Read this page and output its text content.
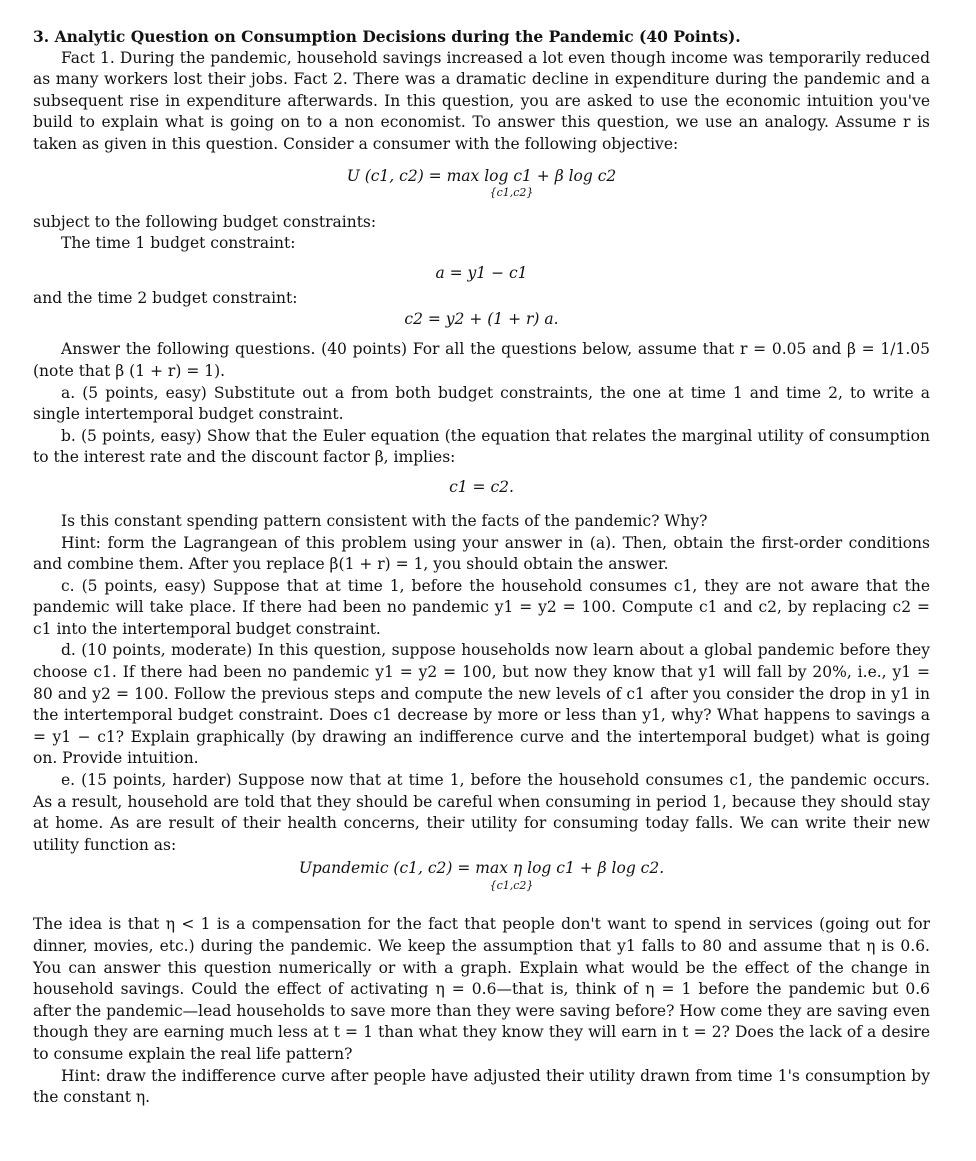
3. Analytic Question on Consumption Decisions during the Pandemic (40 Points).

Fact 1. During the pandemic, household savings increased a lot even though income was temporarily reduced as many workers lost their jobs. Fact 2. There was a dramatic decline in expenditure during the pandemic and a subsequent rise in expenditure afterwards. In this question, you are asked to use the economic intuition you've build to explain what is going on to a non economist. To answer this question, we use an analogy. Assume r is taken as given in this question. Consider a consumer with the following objective:

U (c1, c2) = max log c1 + β log c2
{c1,c2}

subject to the following budget constraints:

The time 1 budget constraint:

a = y1 − c1

and the time 2 budget constraint:

c2 = y2 + (1 + r) a.

Answer the following questions. (40 points) For all the questions below, assume that r = 0.05 and β = 1/1.05 (note that β (1 + r) = 1).

a. (5 points, easy) Substitute out a from both budget constraints, the one at time 1 and time 2, to write a single intertemporal budget constraint.

b. (5 points, easy) Show that the Euler equation (the equation that relates the marginal utility of consumption to the interest rate and the discount factor β, implies:

c1 = c2.

Is this constant spending pattern consistent with the facts of the pandemic? Why?

Hint: form the Lagrangean of this problem using your answer in (a). Then, obtain the first-order conditions and combine them. After you replace β(1 + r) = 1, you should obtain the answer.

c. (5 points, easy) Suppose that at time 1, before the household consumes c1, they are not aware that the pandemic will take place. If there had been no pandemic y1 = y2 = 100. Compute c1 and c2, by replacing c2 = c1 into the intertemporal budget constraint.

d. (10 points, moderate) In this question, suppose households now learn about a global pandemic before they choose c1. If there had been no pandemic y1 = y2 = 100, but now they know that y1 will fall by 20%, i.e., y1 = 80 and y2 = 100. Follow the previous steps and compute the new levels of c1 after you consider the drop in y1 in the intertemporal budget constraint. Does c1 decrease by more or less than y1, why? What happens to savings a = y1 − c1? Explain graphically (by drawing an indifference curve and the intertemporal budget) what is going on. Provide intuition.

e. (15 points, harder) Suppose now that at time 1, before the household consumes c1, the pandemic occurs. As a result, household are told that they should be careful when consuming in period 1, because they should stay at home. As are result of their health concerns, their utility for consuming today falls. We can write their new utility function as:

Upandemic (c1, c2) = max η log c1 + β log c2.
{c1,c2}

The idea is that η < 1 is a compensation for the fact that people don't want to spend in services (going out for dinner, movies, etc.) during the pandemic. We keep the assumption that y1 falls to 80 and assume that η is 0.6. You can answer this question numerically or with a graph. Explain what would be the effect of the change in household savings. Could the effect of activating η = 0.6—that is, think of η = 1 before the pandemic but 0.6 after the pandemic—lead households to save more than they were saving before? How come they are saving even though they are earning much less at t = 1 than what they know they will earn in t = 2? Does the lack of a desire to consume explain the real life pattern?

Hint: draw the indifference curve after people have adjusted their utility drawn from time 1's consumption by the constant η.
